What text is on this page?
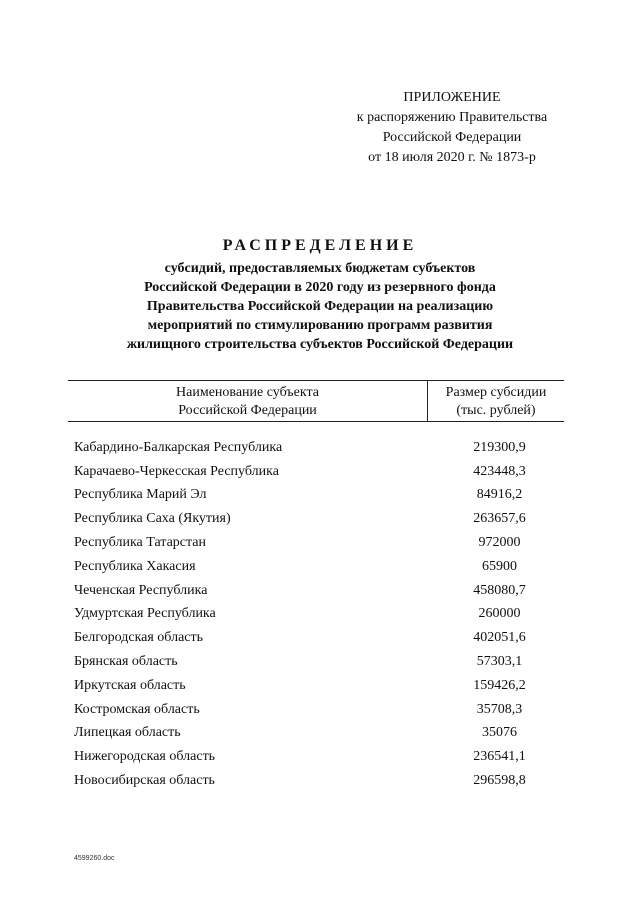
ПРИЛОЖЕНИЕ
к распоряжению Правительства
Российской Федерации
от 18 июля 2020 г. № 1873-р
РАСПРЕДЕЛЕНИЕ
субсидий, предоставляемых бюджетам субъектов
Российской Федерации в 2020 году из резервного фонда
Правительства Российской Федерации на реализацию
мероприятий по стимулированию программ развития
жилищного строительства субъектов Российской Федерации
Наименование субъекта
Российской Федерации
Размер субсидии
(тыс. рублей)
Кабардино-Балкарская Республика	219300,9
Карачаево-Черкесская Республика	423448,3
Республика Марий Эл	84916,2
Республика Саха (Якутия)	263657,6
Республика Татарстан	972000
Республика Хакасия	65900
Чеченская Республика	458080,7
Удмуртская Республика	260000
Белгородская область	402051,6
Брянская область	57303,1
Иркутская область	159426,2
Костромская область	35708,3
Липецкая область	35076
Нижегородская область	236541,1
Новосибирская область	296598,8
4599260.doc
